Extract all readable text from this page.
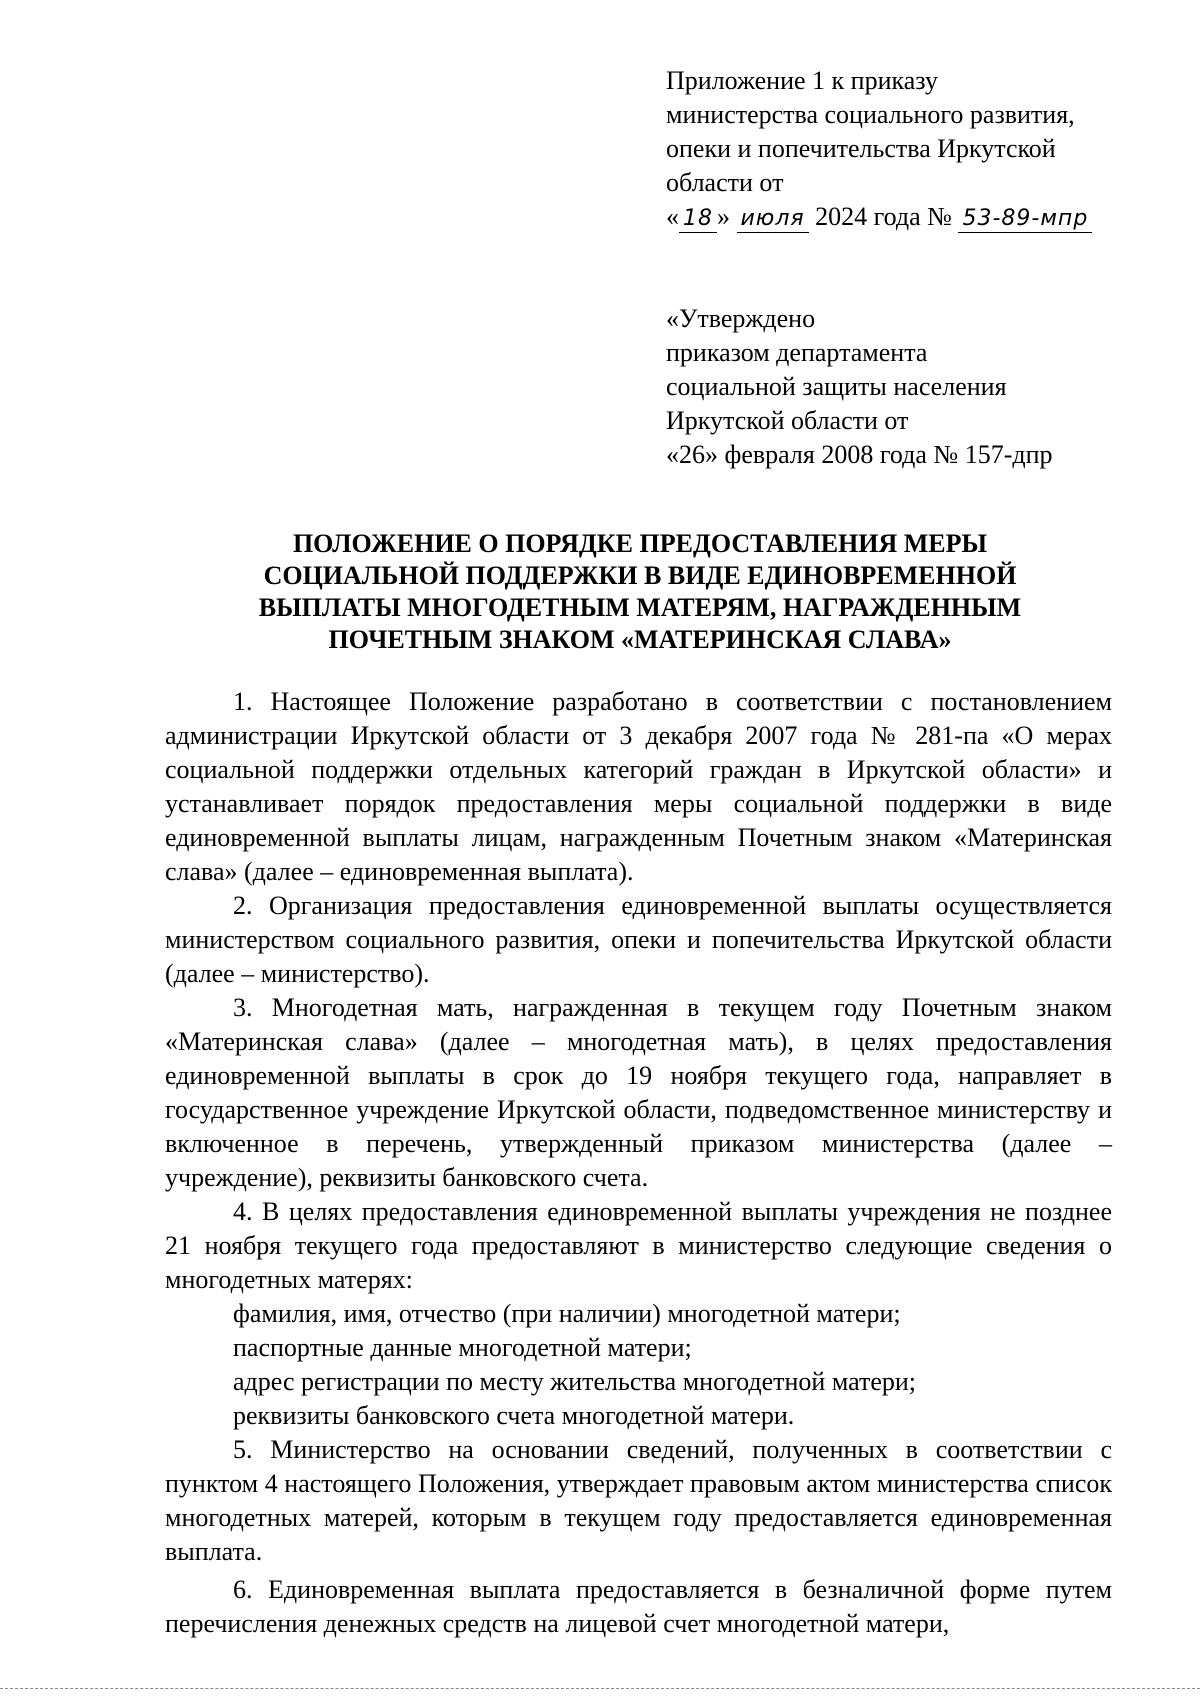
Приложение 1 к приказу
министерства социального развития,
опеки и попечительства Иркутской
области от
« 18 » июля 2024 года № 53-89-мпр
«Утверждено
приказом департамента
социальной защиты населения
Иркутской области от
«26» февраля 2008 года № 157-дпр
ПОЛОЖЕНИЕ О ПОРЯДКЕ ПРЕДОСТАВЛЕНИЯ МЕРЫ
СОЦИАЛЬНОЙ ПОДДЕРЖКИ В ВИДЕ ЕДИНОВРЕМЕННОЙ
ВЫПЛАТЫ МНОГОДЕТНЫМ МАТЕРЯМ, НАГРАЖДЕННЫМ
ПОЧЕТНЫМ ЗНАКОМ «МАТЕРИНСКАЯ СЛАВА»

1. Настоящее Положение разработано в соответствии с постановлением администрации Иркутской области от 3 декабря 2007 года № 281-па «О мерах социальной поддержки отдельных категорий граждан в Иркутской области» и устанавливает порядок предоставления меры социальной поддержки в виде единовременной выплаты лицам, награжденным Почетным знаком «Материнская слава» (далее – единовременная выплата).

2. Организация предоставления единовременной выплаты осуществляется министерством социального развития, опеки и попечительства Иркутской области (далее – министерство).

3. Многодетная мать, награжденная в текущем году Почетным знаком «Материнская слава» (далее – многодетная мать), в целях предоставления единовременной выплаты в срок до 19 ноября текущего года, направляет в государственное учреждение Иркутской области, подведомственное министерству и включенное в перечень, утвержденный приказом министерства (далее – учреждение), реквизиты банковского счета.

4. В целях предоставления единовременной выплаты учреждения не позднее 21 ноября текущего года предоставляют в министерство следующие сведения о многодетных матерях:

фамилия, имя, отчество (при наличии) многодетной матери;

паспортные данные многодетной матери;

адрес регистрации по месту жительства многодетной матери;

реквизиты банковского счета многодетной матери.

5. Министерство на основании сведений, полученных в соответствии с пунктом 4 настоящего Положения, утверждает правовым актом министерства список многодетных матерей, которым в текущем году предоставляется единовременная выплата.

6. Единовременная выплата предоставляется в безналичной форме путем перечисления денежных средств на лицевой счет многодетной матери,
